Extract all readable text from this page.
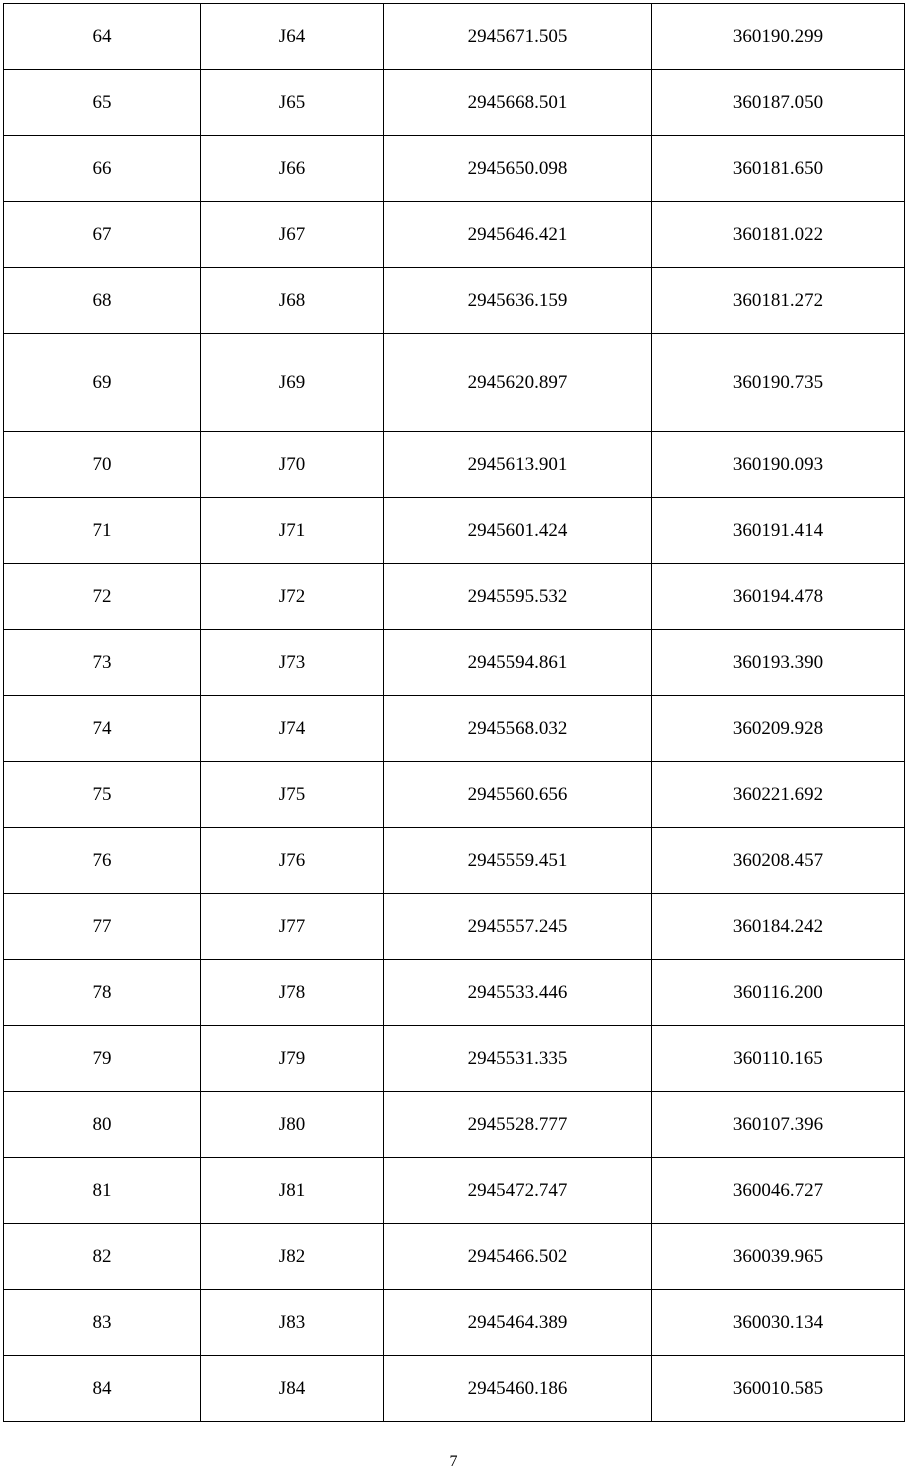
64	J64	2945671.505	360190.299
65	J65	2945668.501	360187.050
66	J66	2945650.098	360181.650
67	J67	2945646.421	360181.022
68	J68	2945636.159	360181.272
69	J69	2945620.897	360190.735
70	J70	2945613.901	360190.093
71	J71	2945601.424	360191.414
72	J72	2945595.532	360194.478
73	J73	2945594.861	360193.390
74	J74	2945568.032	360209.928
75	J75	2945560.656	360221.692
76	J76	2945559.451	360208.457
77	J77	2945557.245	360184.242
78	J78	2945533.446	360116.200
79	J79	2945531.335	360110.165
80	J80	2945528.777	360107.396
81	J81	2945472.747	360046.727
82	J82	2945466.502	360039.965
83	J83	2945464.389	360030.134
84	J84	2945460.186	360010.585
7
